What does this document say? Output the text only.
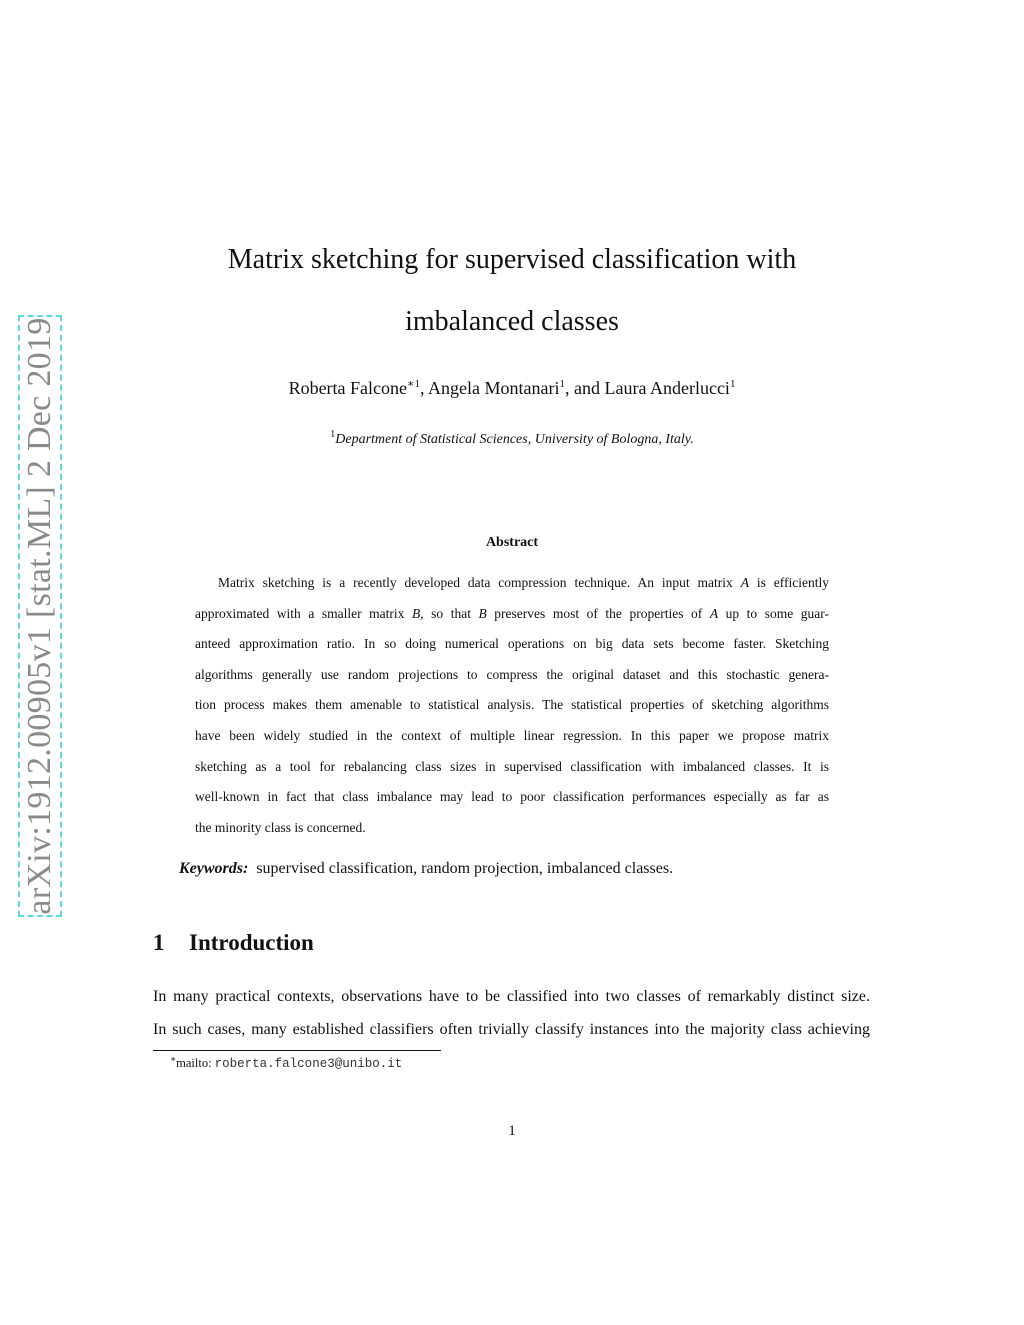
arXiv:1912.00905v1 [stat.ML] 2 Dec 2019
Matrix sketching for supervised classification with
imbalanced classes
Roberta Falcone$^{∗1}$, Angela Montanari$^1$, and Laura Anderlucci$^1$
$^1$Department of Statistical Sciences, University of Bologna, Italy.
Abstract
Matrix sketching is a recently developed data compression technique. An input matrix A is efficiently
approximated with a smaller matrix B, so that B preserves most of the properties of A up to some guar-
anteed approximation ratio. In so doing numerical operations on big data sets become faster. Sketching
algorithms generally use random projections to compress the original dataset and this stochastic genera-
tion process makes them amenable to statistical analysis. The statistical properties of sketching algorithms
have been widely studied in the context of multiple linear regression. In this paper we propose matrix
sketching as a tool for rebalancing class sizes in supervised classification with imbalanced classes. It is
well-known in fact that class imbalance may lead to poor classification performances especially as far as
the minority class is concerned.
Keywords: supervised classification, random projection, imbalanced classes.
1 Introduction
In many practical contexts, observations have to be classified into two classes of remarkably distinct size.
In such cases, many established classifiers often trivially classify instances into the majority class achieving
∗mailto: roberta.falcone3@unibo.it
1
